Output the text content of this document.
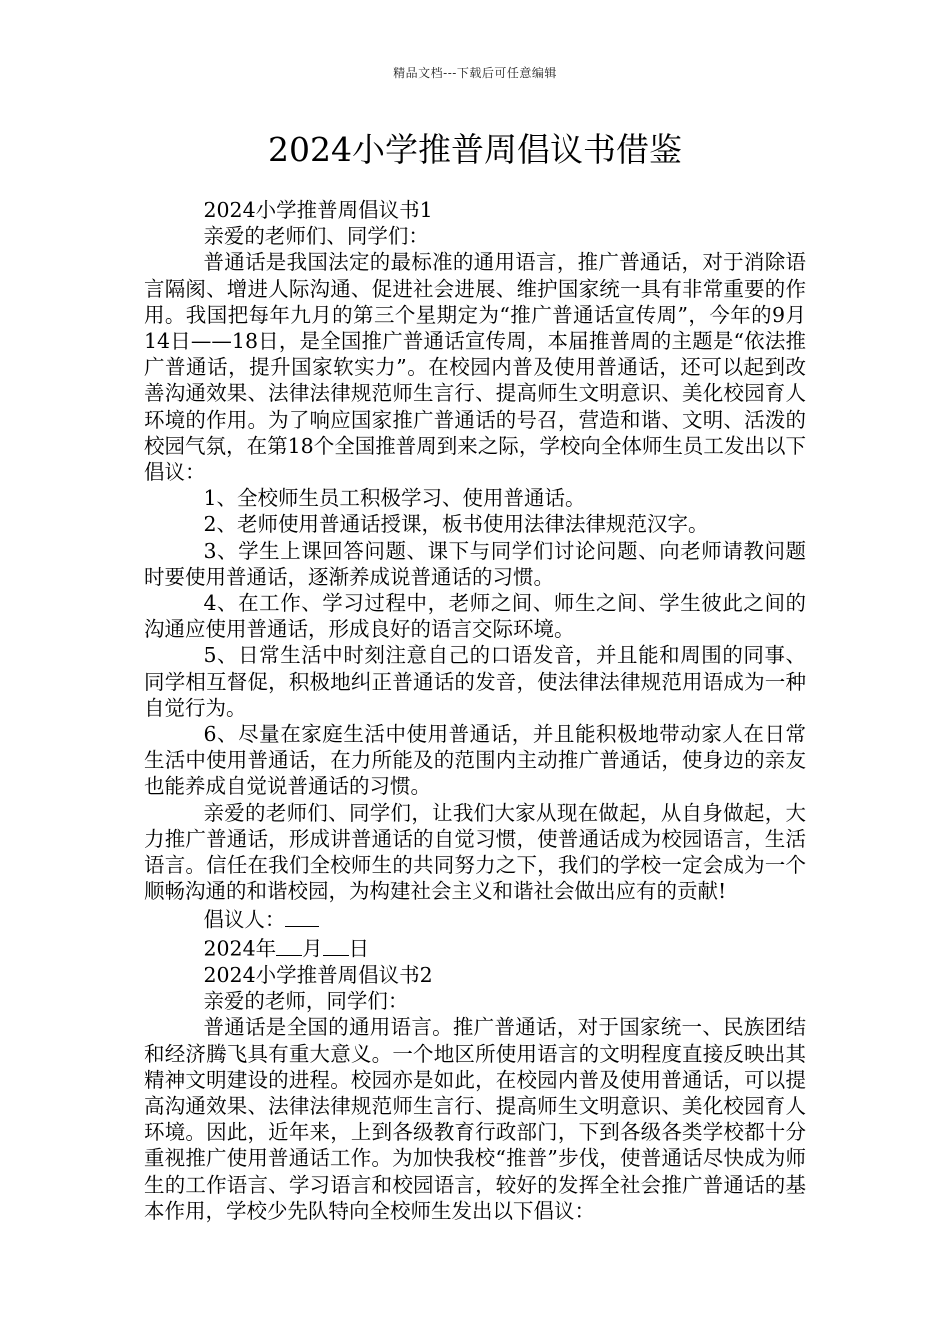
精品文档---下载后可任意编辑
2024小学推普周倡议书借鉴

2024小学推普周倡议书1

亲爱的老师们、同学们：

普通话是我国法定的最标准的通用语言，推广普通话，对于消除语言隔阂、增进人际沟通、促进社会进展、维护国家统一具有非常重要的作用。我国把每年九月的第三个星期定为“推广普通话宣传周”，今年的9月14日——18日，是全国推广普通话宣传周，本届推普周的主题是“依法推广普通话，提升国家软实力”。在校园内普及使用普通话，还可以起到改善沟通效果、法律法律规范师生言行、提高师生文明意识、美化校园育人环境的作用。为了响应国家推广普通话的号召，营造和谐、文明、活泼的校园气氛，在第18个全国推普周到来之际，学校向全体师生员工发出以下倡议：

1、全校师生员工积极学习、使用普通话。

2、老师使用普通话授课，板书使用法律法律规范汉字。

3、学生上课回答问题、课下与同学们讨论问题、向老师请教问题时要使用普通话，逐渐养成说普通话的习惯。

4、在工作、学习过程中，老师之间、师生之间、学生彼此之间的沟通应使用普通话，形成良好的语言交际环境。

5、日常生活中时刻注意自己的口语发音，并且能和周围的同事、同学相互督促，积极地纠正普通话的发音，使法律法律规范用语成为一种自觉行为。

6、尽量在家庭生活中使用普通话，并且能积极地带动家人在日常生活中使用普通话，在力所能及的范围内主动推广普通话，使身边的亲友也能养成自觉说普通话的习惯。

亲爱的老师们、同学们，让我们大家从现在做起，从自身做起，大力推广普通话，形成讲普通话的自觉习惯，使普通话成为校园语言，生活语言。信任在我们全校师生的共同努力之下，我们的学校一定会成为一个顺畅沟通的和谐校园，为构建社会主义和谐社会做出应有的贡献!

倡议人：

2024年 月 日

2024小学推普周倡议书2

亲爱的老师，同学们：

普通话是全国的通用语言。推广普通话，对于国家统一、民族团结和经济腾飞具有重大意义。一个地区所使用语言的文明程度直接反映出其精神文明建设的进程。校园亦是如此，在校园内普及使用普通话，可以提高沟通效果、法律法律规范师生言行、提高师生文明意识、美化校园育人环境。因此，近年来，上到各级教育行政部门，下到各级各类学校都十分重视推广使用普通话工作。为加快我校“推普”步伐，使普通话尽快成为师生的工作语言、学习语言和校园语言，较好的发挥全社会推广普通话的基本作用，学校少先队特向全校师生发出以下倡议：
